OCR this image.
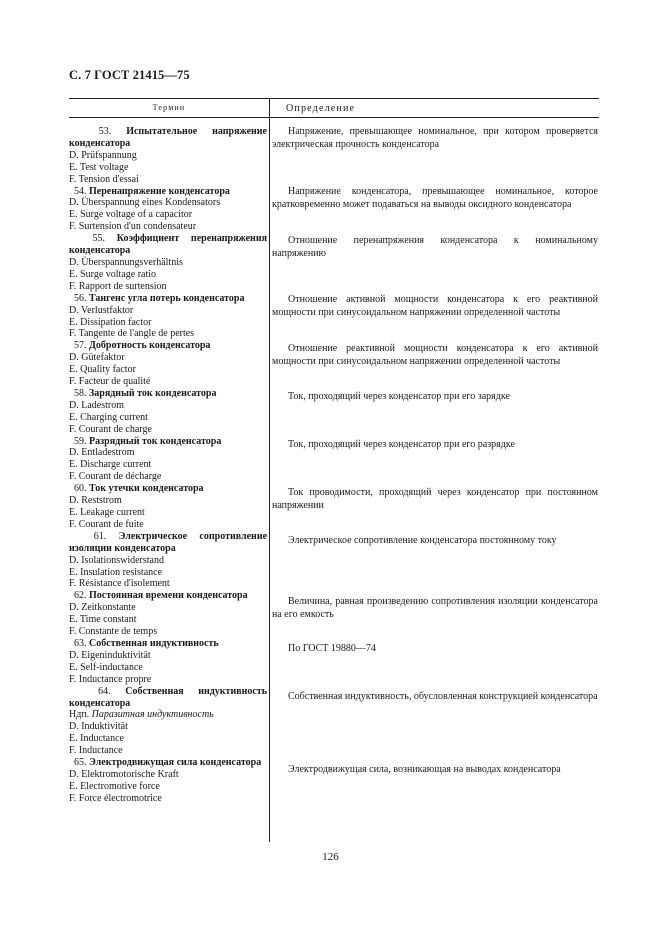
С. 7 ГОСТ 21415—75
Термин	Определение
53. Испытательное напряжение конденсатора
D. Prüfspannung
E. Test voltage
F. Tension d'essai
54. Перенапряжение конденсатора
D. Überspannung eines Kondensators
E. Surge voltage of a capacitor
F. Surtension d'un condensateur
55. Коэффициент перенапряжения конденсатора
D. Überspannungsverhältnis
E. Surge voltage ratio
F. Rapport de surtension
56. Тангенс угла потерь конденсатора
D. Verlustfaktor
E. Dissipation factor
F. Tangente de l'angle de pertes
57. Добротность конденсатора
D. Gütefaktor
E. Quality factor
F. Facteur de qualité
58. Зарядный ток конденсатора
D. Ladestrom
E. Charging current
F. Courant de charge
59. Разрядный ток конденсатора
D. Entladestrom
E. Discharge current
F. Courant de décharge
60. Ток утечки конденсатора
D. Reststrom
E. Leakage current
F. Courant de fuite
61. Электрическое сопротивление изоляции конденсатора
D. Isolationswiderstand
E. Insulation resistance
F. Résistance d'isolement
62. Постоянная времени конденсатора
D. Zeitkonstante
E. Time constant
F. Constante de temps
63. Собственная индуктивность
D. Eigeninduktivität
E. Self-inductance
F. Inductance propre
64. Собственная индуктивность конденсатора
Ндп. Паразитная индуктивность
D. Induktivität
E. Inductance
F. Inductance
65. Электродвижущая сила конденсатора
D. Elektromotorische Kraft
E. Electromotive force
F. Force électromotrice
Напряжение, превышающее номинальное, при котором проверяется электрическая прочность конденсатора
Напряжение конденсатора, превышающее номинальное, которое кратковременно может подаваться на выводы оксидного конденсатора
Отношение перенапряжения конденсатора к номинальному напряжению
Отношение активной мощности конденсатора к его реактивной мощности при синусоидальном напряжении определенной частоты
Отношение реактивной мощности конденсатора к его активной мощности при синусоидальном напряжении определенной частоты
Ток, проходящий через конденсатор при его зарядке
Ток, проходящий через конденсатор при его разрядке
Ток проводимости, проходящий через конденсатор при постоянном напряжении
Электрическое сопротивление конденсатора постоянному току
Величина, равная произведению сопротивления изоляции конденсатора на его емкость
По ГОСТ 19880—74
Собственная индуктивность, обусловленная конструкцией конденсатора
Электродвижущая сила, возникающая на выводах конденсатора
126
